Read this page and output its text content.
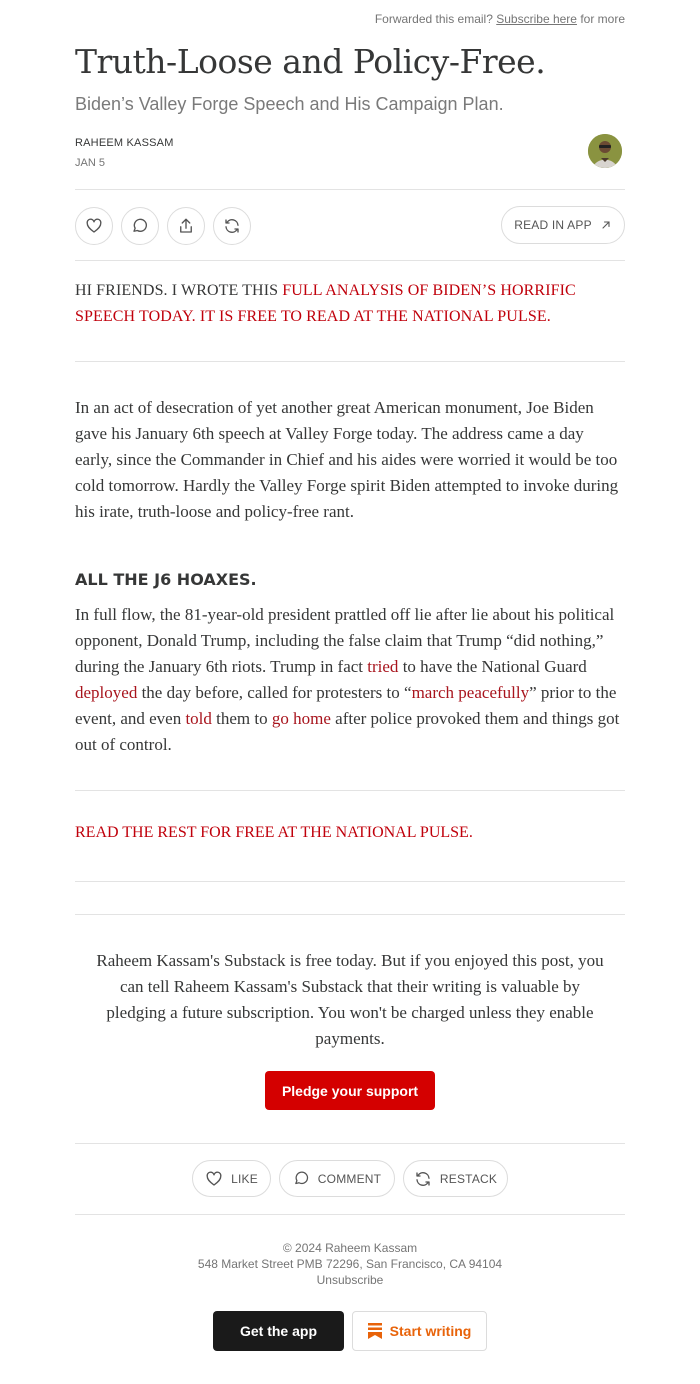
Forwarded this email? Subscribe here for more
Truth-Loose and Policy-Free.
Biden’s Valley Forge Speech and His Campaign Plan.
RAHEEM KASSAM
JAN 5
READ IN APP
HI FRIENDS. I WROTE THIS FULL ANALYSIS OF BIDEN’S HORRIFIC SPEECH TODAY. IT IS FREE TO READ AT THE NATIONAL PULSE.

In an act of desecration of yet another great American monument, Joe Biden gave his January 6th speech at Valley Forge today. The address came a day early, since the Commander in Chief and his aides were worried it would be too cold tomorrow. Hardly the Valley Forge spirit Biden attempted to invoke during his irate, truth-loose and policy-free rant.

ALL THE J6 HOAXES.

In full flow, the 81-year-old president prattled off lie after lie about his political opponent, Donald Trump, including the false claim that Trump “did nothing,” during the January 6th riots. Trump in fact tried to have the National Guard deployed the day before, called for protesters to “march peacefully” prior to the event, and even told them to go home after police provoked them and things got out of control.

READ THE REST FOR FREE AT THE NATIONAL PULSE.

Raheem Kassam's Substack is free today. But if you enjoyed this post, you can tell Raheem Kassam's Substack that their writing is valuable by pledging a future subscription. You won't be charged unless they enable payments.

Pledge your support
LIKE	COMMENT	RESTACK
© 2024 Raheem Kassam
548 Market Street PMB 72296, San Francisco, CA 94104
Unsubscribe
Get the app	Start writing
